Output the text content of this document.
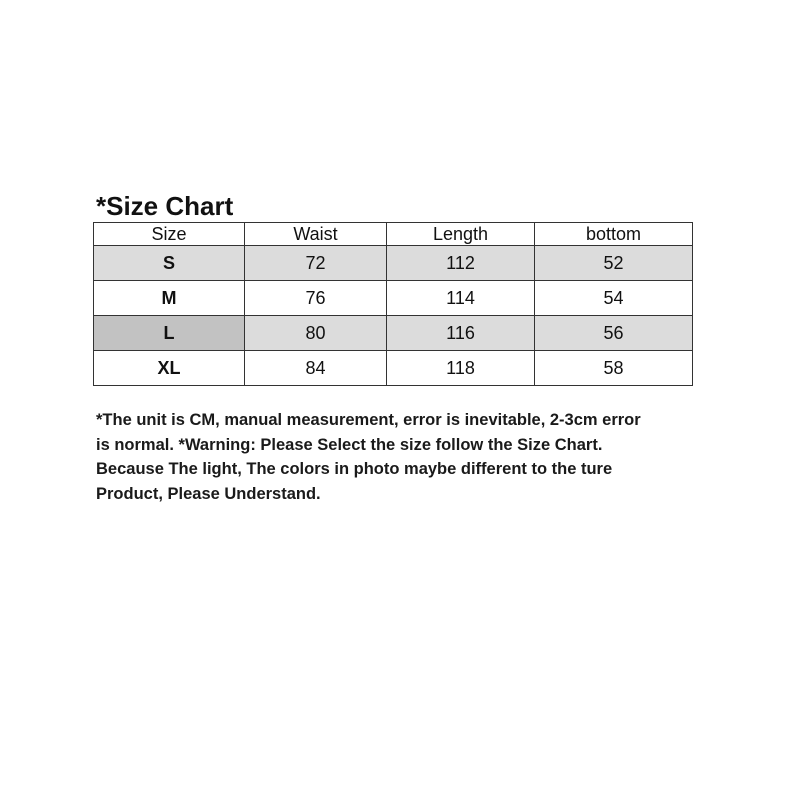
*Size Chart
Size	Waist	Length	bottom
S	72	112	52
M	76	114	54
L	80	116	56
XL	84	118	58
*The unit is CM, manual measurement, error is inevitable, 2-3cm error
is normal. *Warning: Please Select the size follow the Size Chart.
Because The light, The colors in photo maybe different to the ture
Product, Please Understand.
